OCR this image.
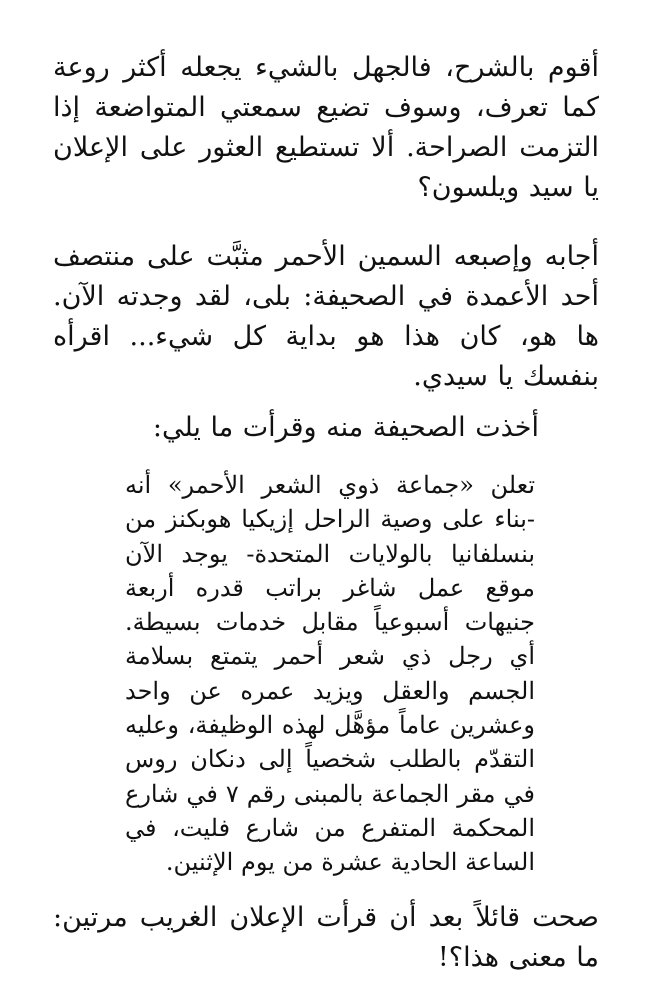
أقوم بالشرح، فالجهل بالشيء يجعله أكثر روعة كما تعرف، وسوف تضيع سمعتي المتواضعة إذا التزمت الصراحة. ألا تستطيع العثور على الإعلان يا سيد ويلسون؟

أجابه وإصبعه السمين الأحمر مثبَّت على منتصف أحد الأعمدة في الصحيفة: بلى، لقد وجدته الآن. ها هو، كان هذا هو بداية كل شيء... اقرأه بنفسك يا سيدي.

أخذت الصحيفة منه وقرأت ما يلي:

تعلن «جماعة ذوي الشعر الأحمر» أنه -بناء على وصية الراحل إزيكيا هوبكنز من بنسلفانيا بالولايات المتحدة- يوجد الآن موقع عمل شاغر براتب قدره أربعة جنيهات أسبوعياً مقابل خدمات بسيطة. أي رجل ذي شعر أحمر يتمتع بسلامة الجسم والعقل ويزيد عمره عن واحد وعشرين عاماً مؤهَّل لهذه الوظيفة، وعليه التقدّم بالطلب شخصياً إلى دنكان روس في مقر الجماعة بالمبنى رقم ٧ في شارع المحكمة المتفرع من شارع فليت، في الساعة الحادية عشرة من يوم الإثنين.

صحت قائلاً بعد أن قرأت الإعلان الغريب مرتين: ما معنى هذا؟!
